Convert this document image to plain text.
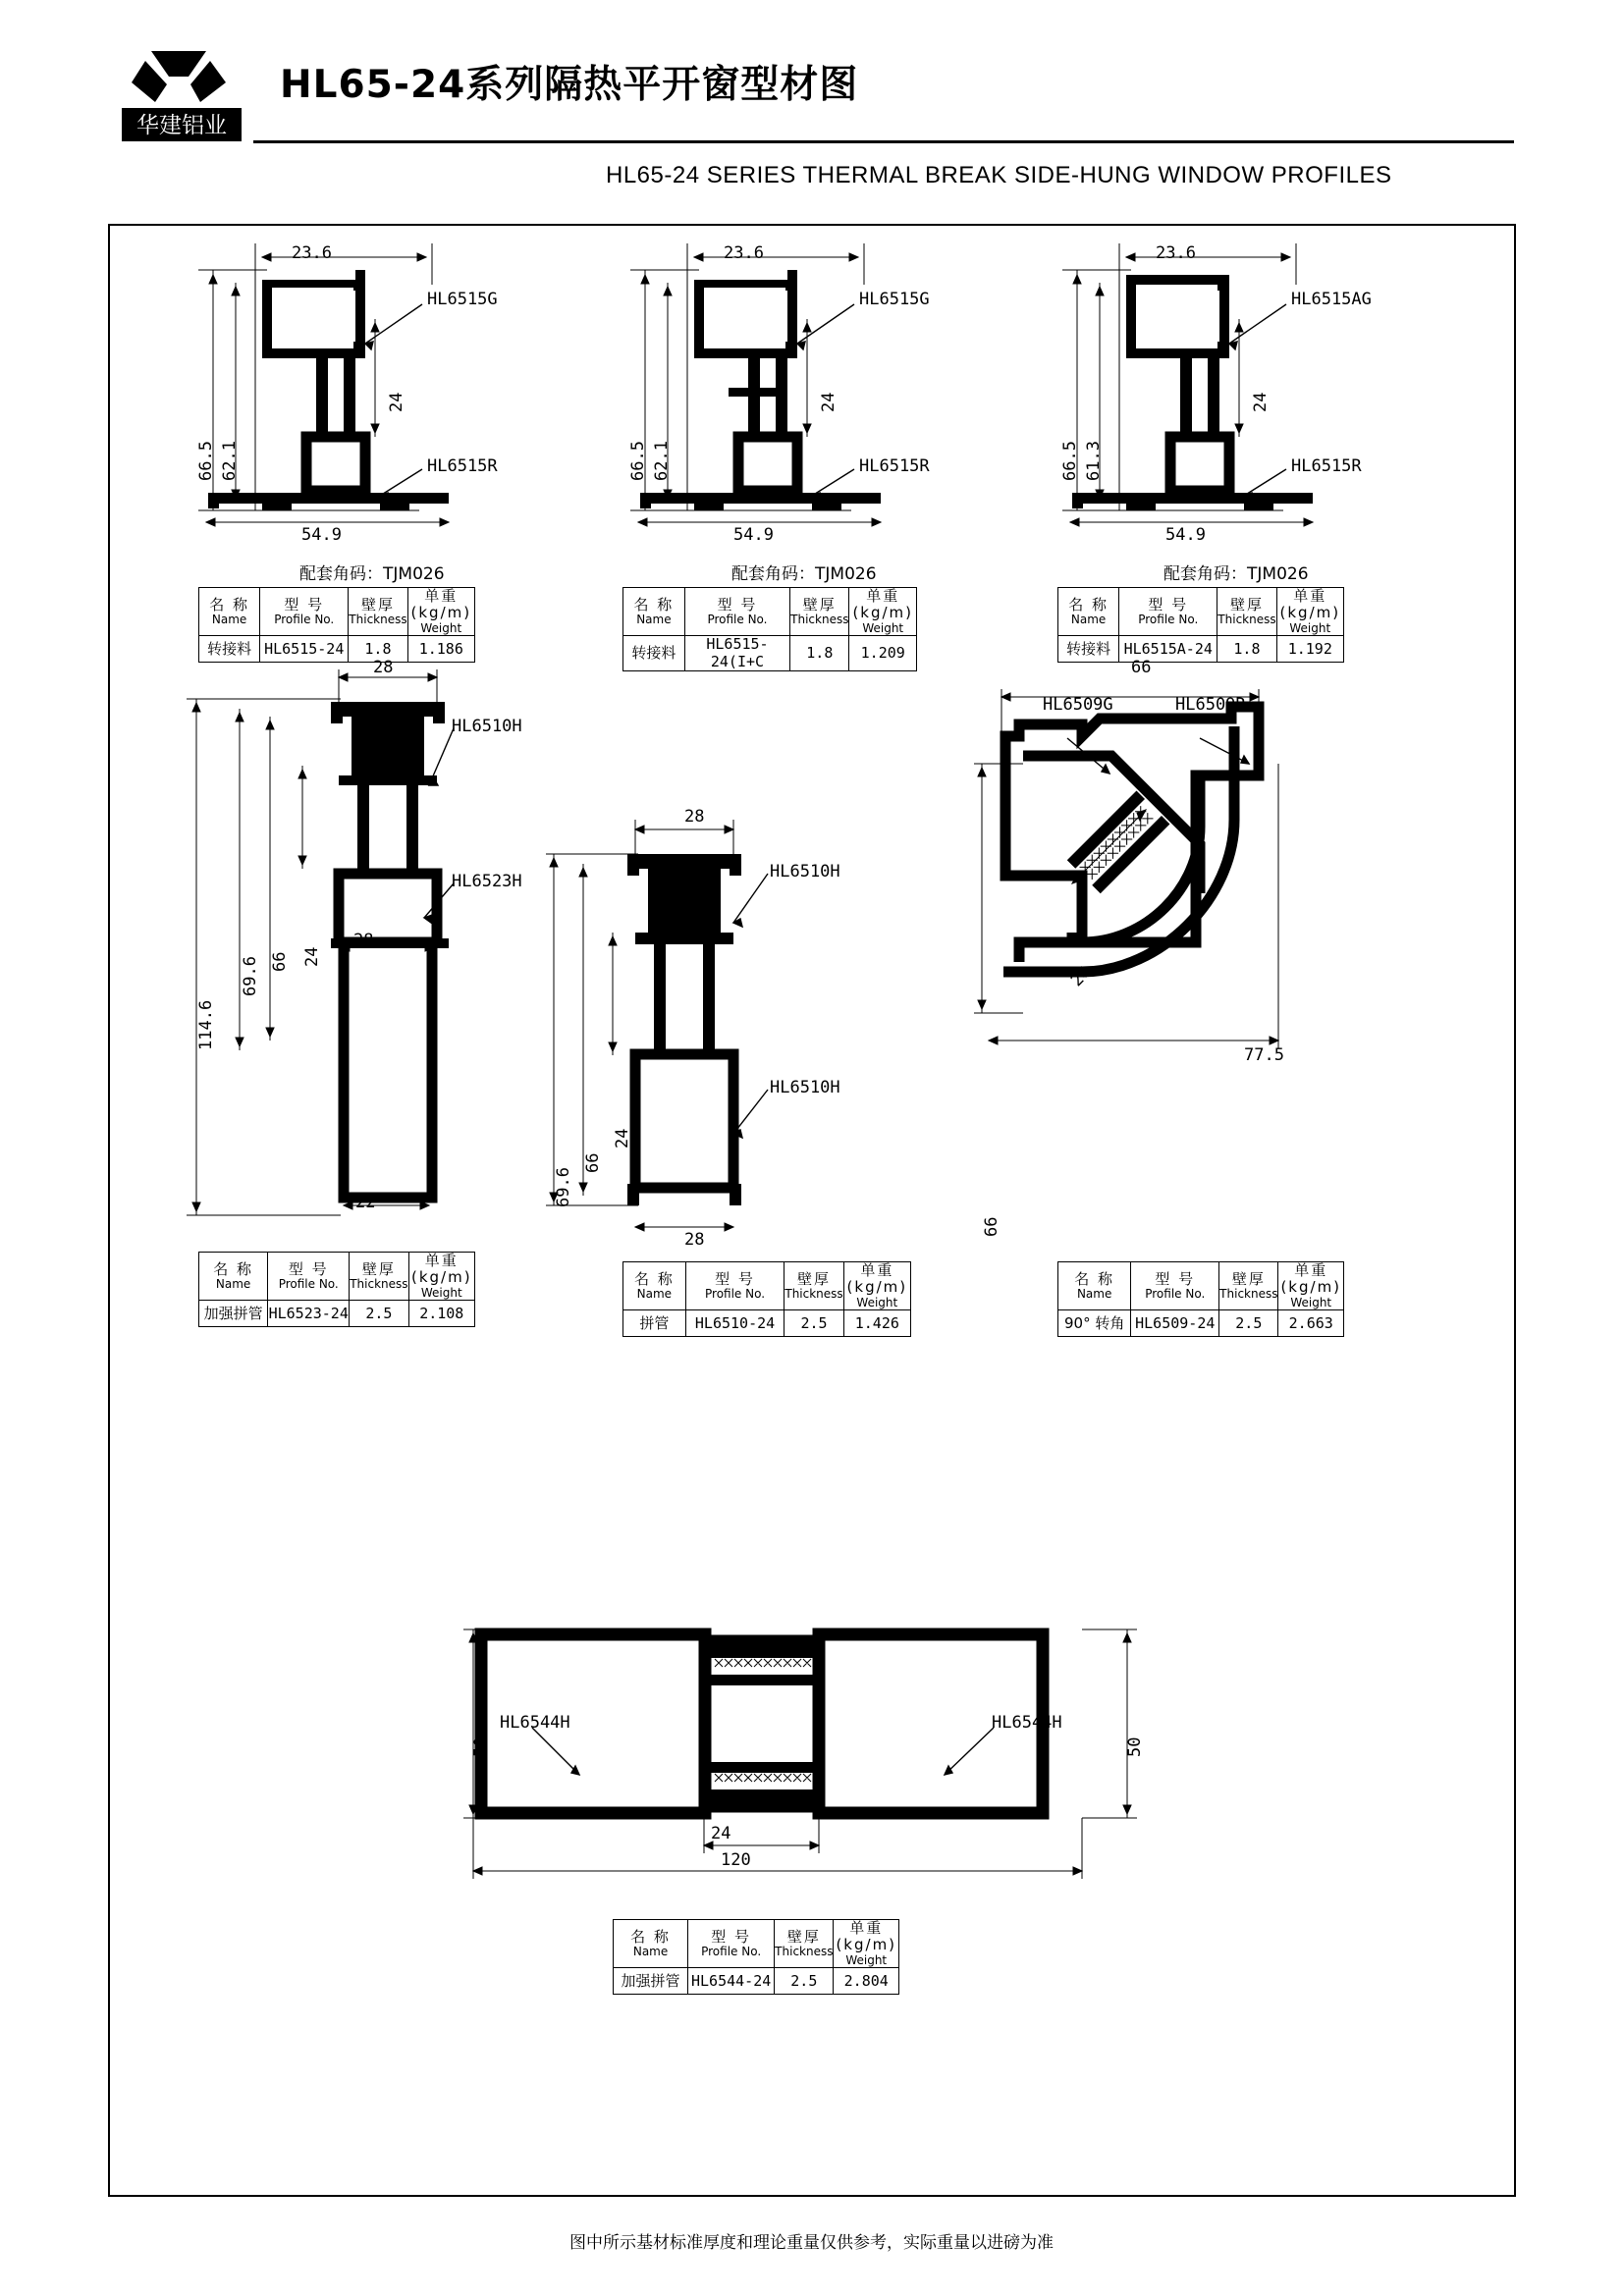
华建铝业
HL65-24系列隔热平开窗型材图
HL65-24 SERIES THERMAL BREAK SIDE-HUNG WINDOW PROFILES
23.6
66.5 62.1
24
54.9
HL6515G
HL6515R
配套角码：TJM026
名 称
Name

型 号
Profile No.

壁厚
Thickness

单重(kg/m)
Weight

转接料	HL6515-24	1.8	1.186
23.6
66.5 62.1
24
54.9
HL6515G
HL6515R
配套角码：TJM026
名 称
Name

型 号
Profile No.

壁厚
Thickness

单重(kg/m)
Weight

转接料	HL6515-24(I+C	1.8	1.209
23.6
66.5 61.3
24
54.9
HL6515AG
HL6515R
配套角码：TJM026
名 称
Name

型 号
Profile No.

壁厚
Thickness

单重(kg/m)
Weight

转接料	HL6515A-24	1.8	1.192
28
114.6
69.6 66 24
28
22
HL6510H
HL6523H
名 称
Name

型 号
Profile No.

壁厚
Thickness

单重(kg/m)
Weight

加强拼管	HL6523-24	2.5	2.108
28
69.6
66
24
28
HL6510H
HL6510H
名 称
Name

型 号
Profile No.

壁厚
Thickness

单重(kg/m)
Weight

拼管	HL6510-24	2.5	1.426
66
66
24
77.5
HL6509G	HL6509R
名 称
Name

型 号
Profile No.

壁厚
Thickness

单重(kg/m)
Weight

90° 转角	HL6509-24	2.5	2.663
50	50
24
120
HL6544H	HL6544H
名 称
Name

型 号
Profile No.

壁厚
Thickness

单重(kg/m)
Weight

加强拼管	HL6544-24	2.5	2.804
图中所示基材标准厚度和理论重量仅供参考，实际重量以进磅为准
